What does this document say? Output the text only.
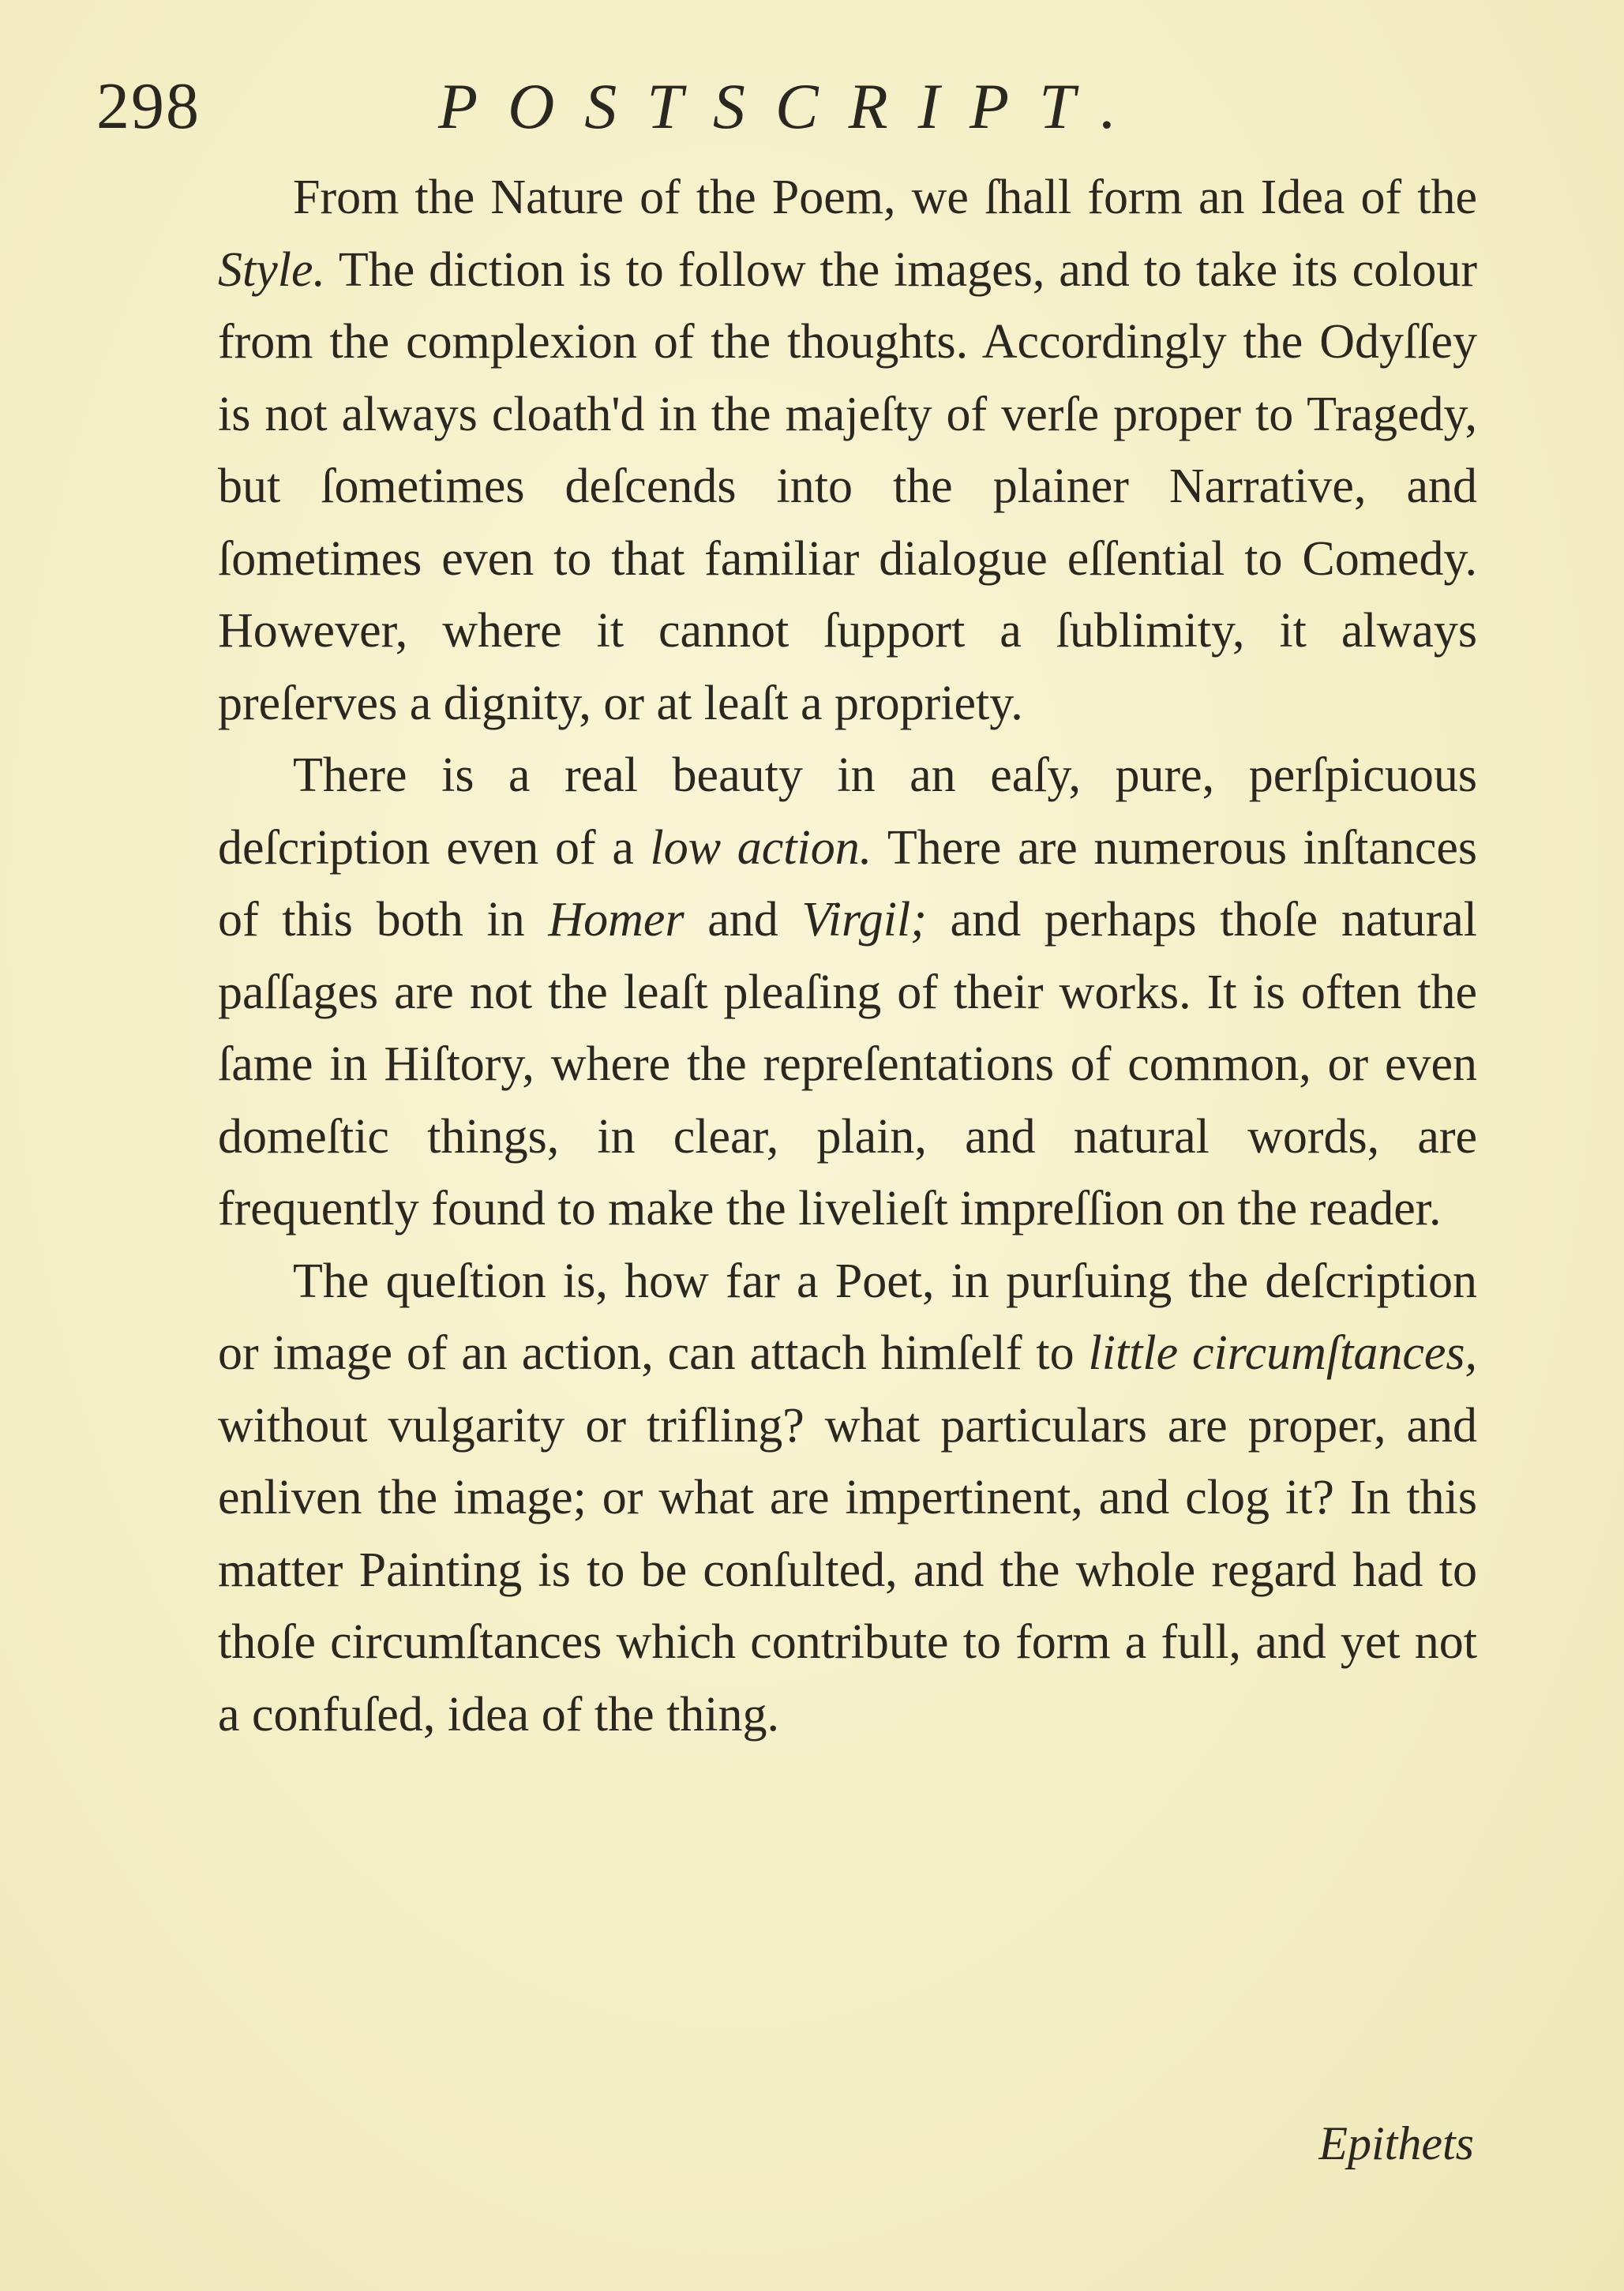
298	POSTSCRIPT.

From the Nature of the Poem, we ſhall form an Idea of the Style. The diction is to follow the images, and to take its colour from the complexion of the thoughts. Accordingly the Odyſſey is not always cloath'd in the majeſty of verſe proper to Tragedy, but ſometimes deſcends into the plainer Narrative, and ſometimes even to that familiar dialogue eſſential to Comedy. However, where it cannot ſupport a ſublimity, it always preſerves a dignity, or at leaſt a propriety.

There is a real beauty in an eaſy, pure, perſpicuous deſcription even of a low action. There are numerous inſtances of this both in Homer and Virgil; and perhaps thoſe natural paſſages are not the leaſt pleaſing of their works. It is often the ſame in Hiſtory, where the repreſentations of common, or even domeſtic things, in clear, plain, and natural words, are frequently found to make the livelieſt impreſſion on the reader.

The queſtion is, how far a Poet, in purſuing the deſcription or image of an action, can attach himſelf to little circumſtances, without vulgarity or trifling? what particulars are proper, and enliven the image; or what are impertinent, and clog it? In this matter Painting is to be conſulted, and the whole regard had to thoſe circumſtances which contribute to form a full, and yet not a confuſed, idea of the thing.

Epithets
